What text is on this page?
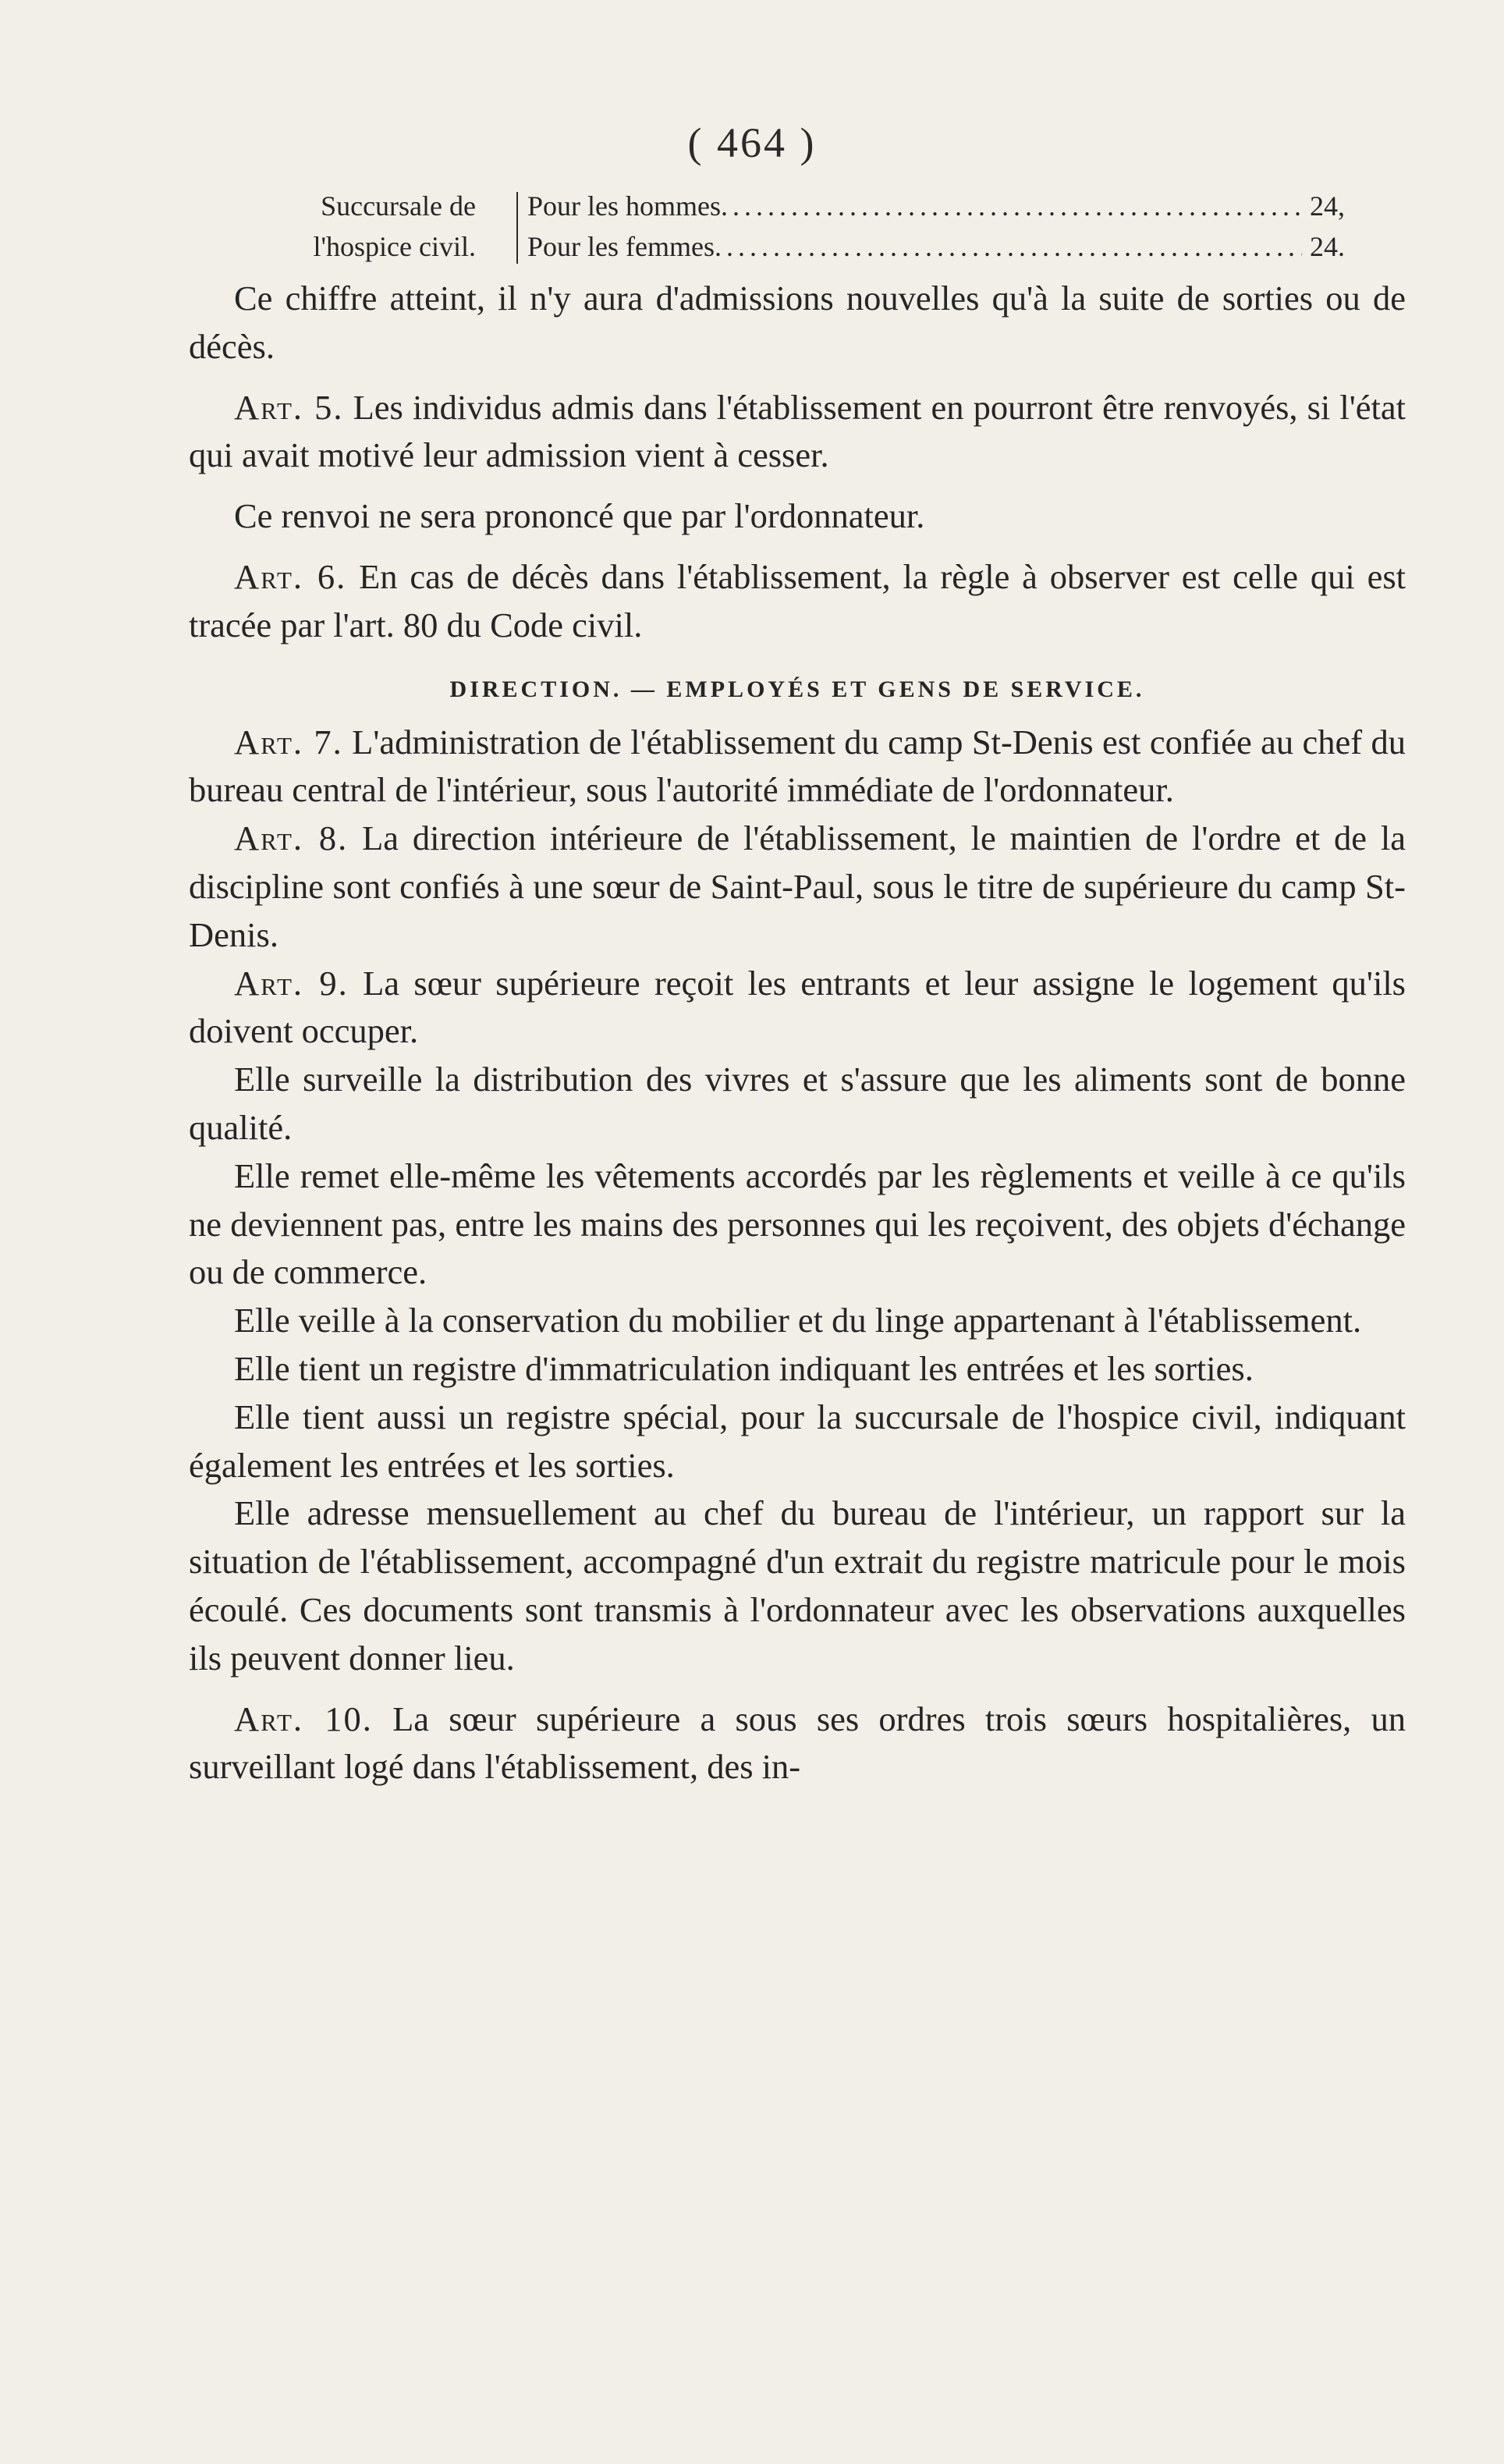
( 464 )
Succursale de
l'hospice civil.
Pour les hommes .....	24,
Pour les femmes .....	24.

Ce chiffre atteint, il n'y aura d'admissions nouvelles qu'à la suite de sorties ou de décès.

Art. 5. Les individus admis dans l'établissement en pourront être renvoyés, si l'état qui avait motivé leur admission vient à cesser.

Ce renvoi ne sera prononcé que par l'ordonnateur.

Art. 6. En cas de décès dans l'établissement, la règle à observer est celle qui est tracée par l'art. 80 du Code civil.

DIRECTION. — EMPLOYÉS ET GENS DE SERVICE.

Art. 7. L'administration de l'établissement du camp St-Denis est confiée au chef du bureau central de l'intérieur, sous l'autorité immédiate de l'ordonnateur.

Art. 8. La direction intérieure de l'établissement, le maintien de l'ordre et de la discipline sont confiés à une sœur de Saint-Paul, sous le titre de supérieure du camp St-Denis.

Art. 9. La sœur supérieure reçoit les entrants et leur assigne le logement qu'ils doivent occuper.

Elle surveille la distribution des vivres et s'assure que les aliments sont de bonne qualité.

Elle remet elle-même les vêtements accordés par les règlements et veille à ce qu'ils ne deviennent pas, entre les mains des personnes qui les reçoivent, des objets d'échange ou de commerce.

Elle veille à la conservation du mobilier et du linge appartenant à l'établissement.

Elle tient un registre d'immatriculation indiquant les entrées et les sorties.

Elle tient aussi un registre spécial, pour la succursale de l'hospice civil, indiquant également les entrées et les sorties.

Elle adresse mensuellement au chef du bureau de l'intérieur, un rapport sur la situation de l'établissement, accompagné d'un extrait du registre matricule pour le mois écoulé. Ces documents sont transmis à l'ordonnateur avec les observations auxquelles ils peuvent donner lieu.

Art. 10. La sœur supérieure a sous ses ordres trois sœurs hospitalières, un surveillant logé dans l'établissement, des in-
